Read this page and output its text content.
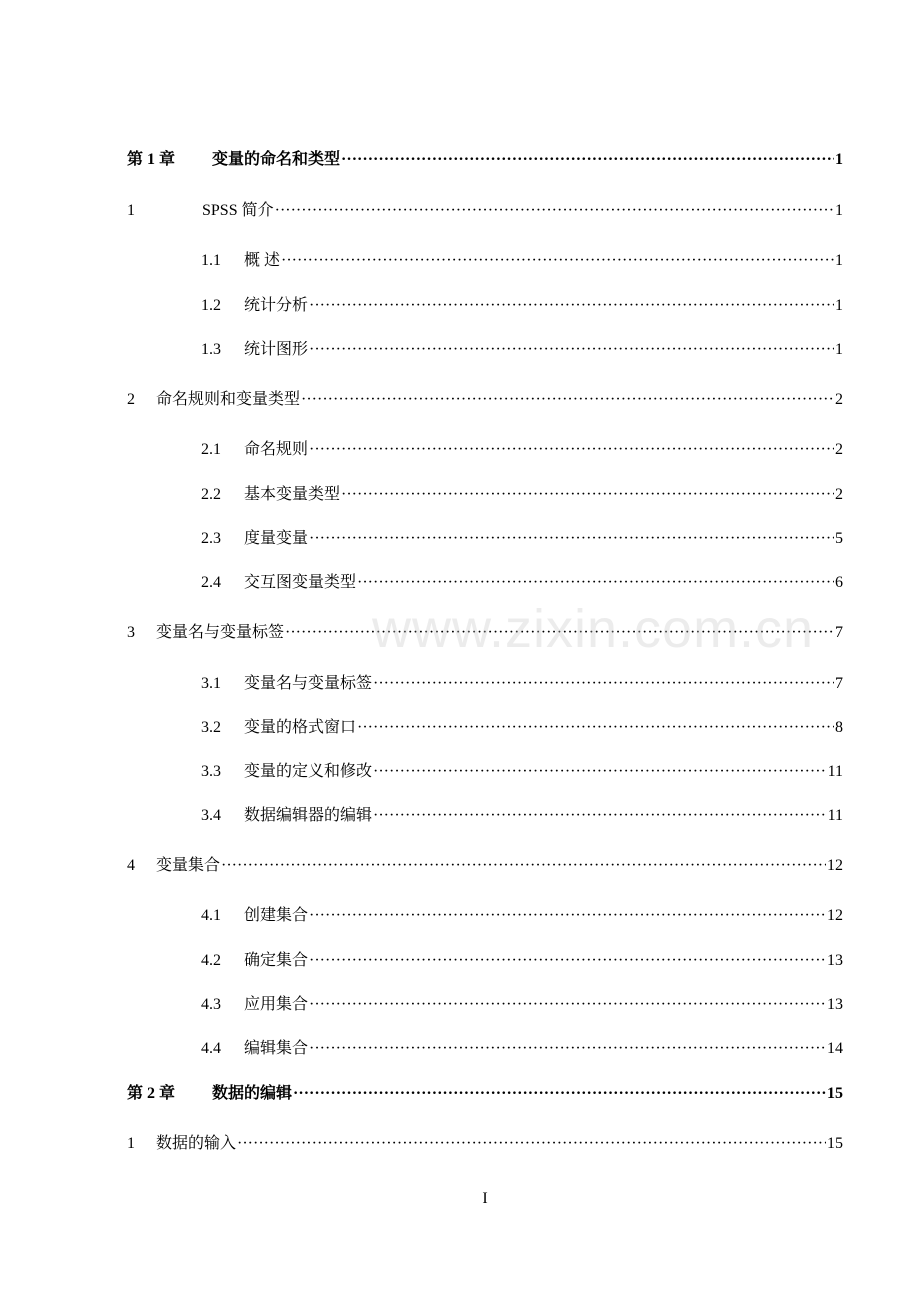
第 1 章 变量的命名和类型 ·····	1
1	SPSS 简介 ·····	1
1.1 概 述 ·····	1
1.2 统计分析 ·····	1
1.3 统计图形 ·····	1
2 命名规则和变量类型 ·····	2
2.1 命名规则 ·····	2
2.2 基本变量类型 ·····	2
2.3 度量变量 ·····	5
2.4 交互图变量类型 ·····	6
3 变量名与变量标签 ·····	7
3.1 变量名与变量标签 ·····	7
3.2 变量的格式窗口 ·····	8
3.3 变量的定义和修改 ·····	11
3.4 数据编辑器的编辑 ·····	11
4 变量集合 ·····	12
4.1 创建集合 ·····	12
4.2 确定集合 ·····	13
4.3 应用集合 ·····	13
4.4 编辑集合 ·····	14
第 2 章 数据的编辑 ·····	15
1 数据的输入 ·····	15
www.zixin.com.cn
I
